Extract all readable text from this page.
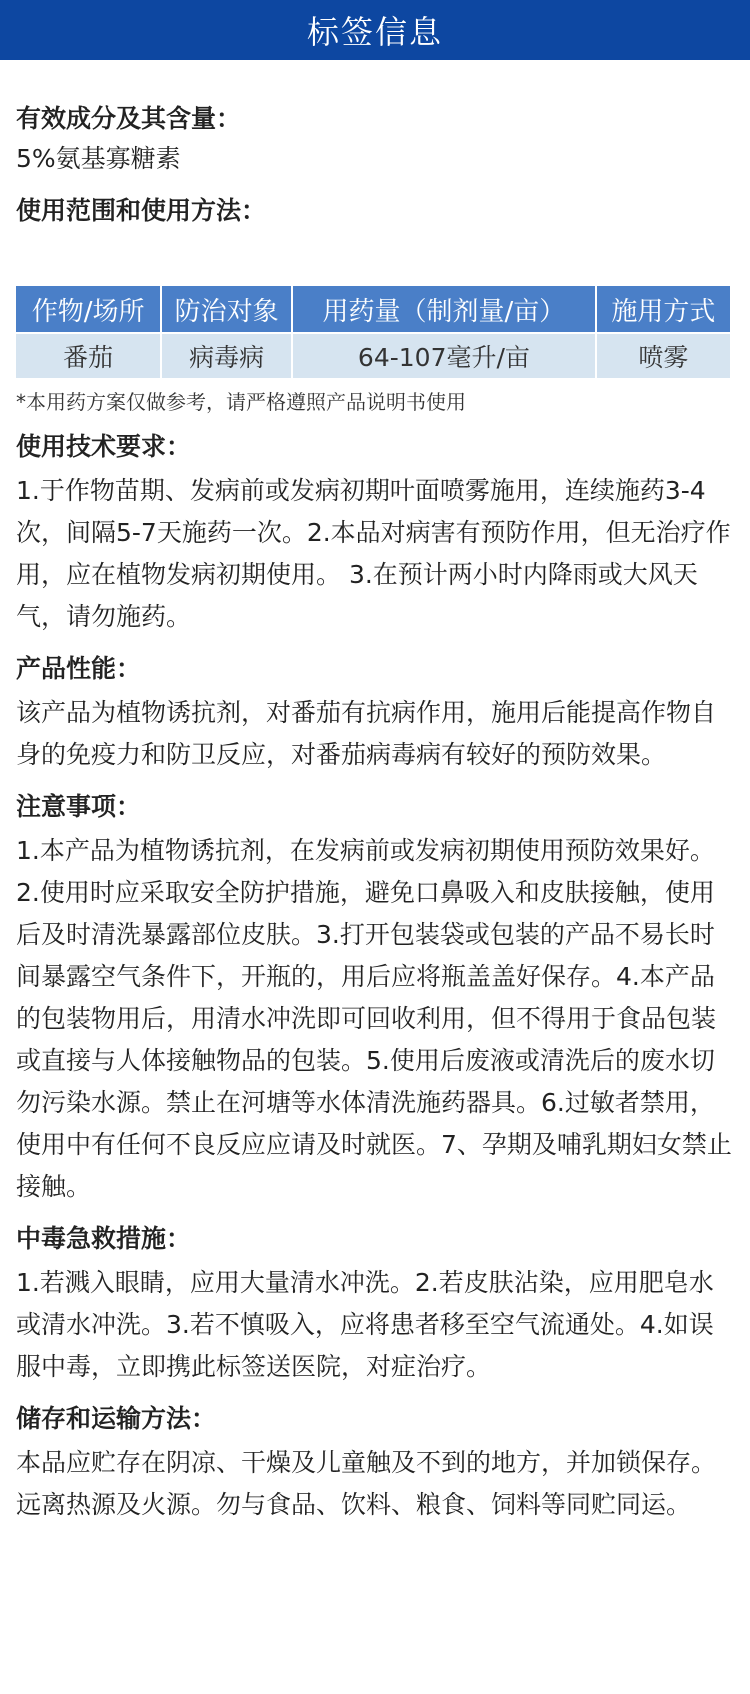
标签信息

有效成分及其含量：

5%氨基寡糖素

使用范围和使用方法：

作物/场所	防治对象	用药量（制剂量/亩）	施用方式
番茄	病毒病	64-107毫升/亩	喷雾

*本用药方案仅做参考，请严格遵照产品说明书使用

使用技术要求：

1.于作物苗期、发病前或发病初期叶面喷雾施用，连续施药3-4次，间隔5-7天施药一次。2.本品对病害有预防作用，但无治疗作用，应在植物发病初期使用。 3.在预计两小时内降雨或大风天气，请勿施药。

产品性能：

该产品为植物诱抗剂，对番茄有抗病作用，施用后能提高作物自身的免疫力和防卫反应，对番茄病毒病有较好的预防效果。

注意事项：

1.本产品为植物诱抗剂，在发病前或发病初期使用预防效果好。2.使用时应采取安全防护措施，避免口鼻吸入和皮肤接触，使用后及时清洗暴露部位皮肤。3.打开包装袋或包装的产品不易长时间暴露空气条件下，开瓶的，用后应将瓶盖盖好保存。4.本产品的包装物用后，用清水冲洗即可回收利用，但不得用于食品包装或直接与人体接触物品的包装。5.使用后废液或清洗后的废水切勿污染水源。禁止在河塘等水体清洗施药器具。6.过敏者禁用，使用中有任何不良反应应请及时就医。7、孕期及哺乳期妇女禁止接触。

中毒急救措施：

1.若溅入眼睛，应用大量清水冲洗。2.若皮肤沾染，应用肥皂水或清水冲洗。3.若不慎吸入，应将患者移至空气流通处。4.如误服中毒，立即携此标签送医院，对症治疗。

储存和运输方法：

本品应贮存在阴凉、干燥及儿童触及不到的地方，并加锁保存。远离热源及火源。勿与食品、饮料、粮食、饲料等同贮同运。
